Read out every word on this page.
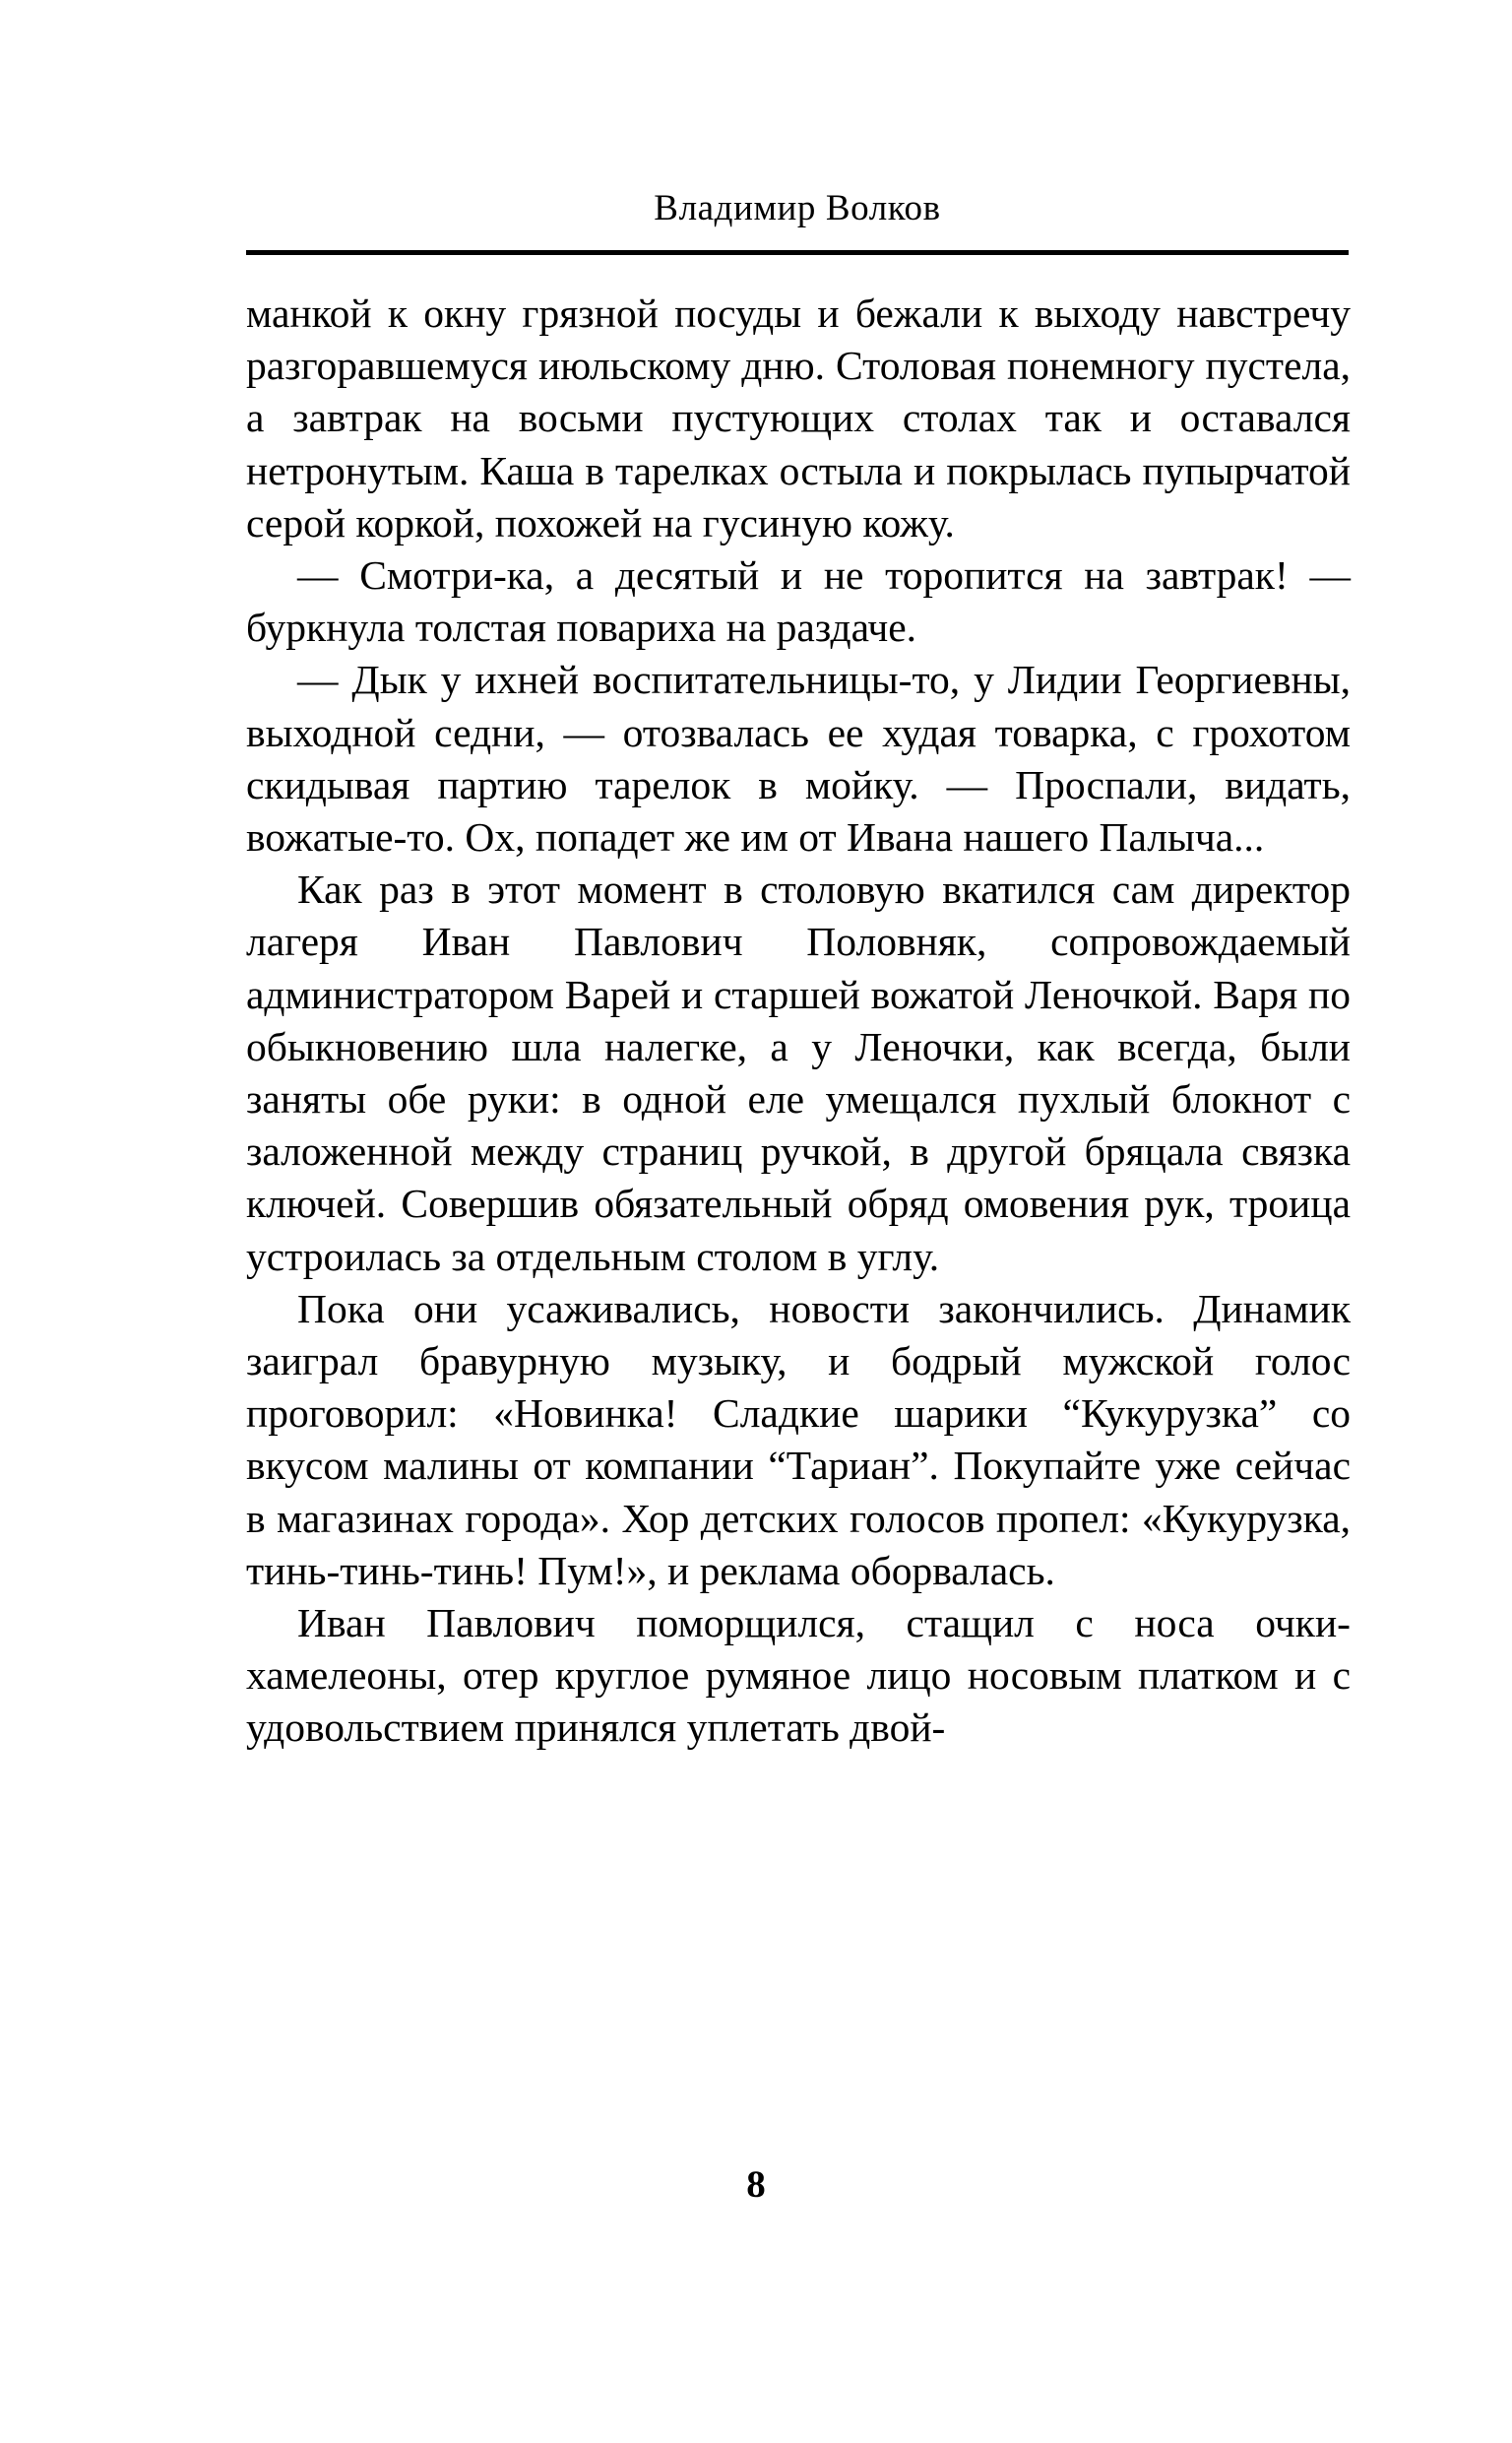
Владимир Волков

манкой к окну грязной посуды и бежали к выходу навстречу разгоравшемуся июльскому дню. Столовая понемногу пустела, а завтрак на восьми пустующих столах так и оставался нетронутым. Каша в тарелках остыла и покрылась пупырчатой серой коркой, похожей на гусиную кожу.

— Смотри-ка, а десятый и не торопится на завтрак! — буркнула толстая повариха на раздаче.

— Дык у ихней воспитательницы-то, у Лидии Георгиевны, выходной седни, — отозвалась ее худая товарка, с грохотом скидывая партию тарелок в мойку. — Проспали, видать, вожатые-то. Ох, попадет же им от Ивана нашего Палыча...

Как раз в этот момент в столовую вкатился сам директор лагеря Иван Павлович Половняк, сопровождаемый администратором Варей и старшей вожатой Леночкой. Варя по обыкновению шла налегке, а у Леночки, как всегда, были заняты обе руки: в одной еле умещался пухлый блокнот с заложенной между страниц ручкой, в другой бряцала связка ключей. Совершив обязательный обряд омовения рук, троица устроилась за отдельным столом в углу.

Пока они усаживались, новости закончились. Динамик заиграл бравурную музыку, и бодрый мужской голос проговорил: «Новинка! Сладкие шарики “Кукурузка” со вкусом малины от компании “Тариан”. Покупайте уже сейчас в магазинах города». Хор детских голосов пропел: «Кукурузка, тинь-тинь-тинь! Пум!», и реклама оборвалась.

Иван Павлович поморщился, стащил с носа очки-хамелеоны, отер круглое румяное лицо носовым платком и с удовольствием принялся уплетать двой-

8
